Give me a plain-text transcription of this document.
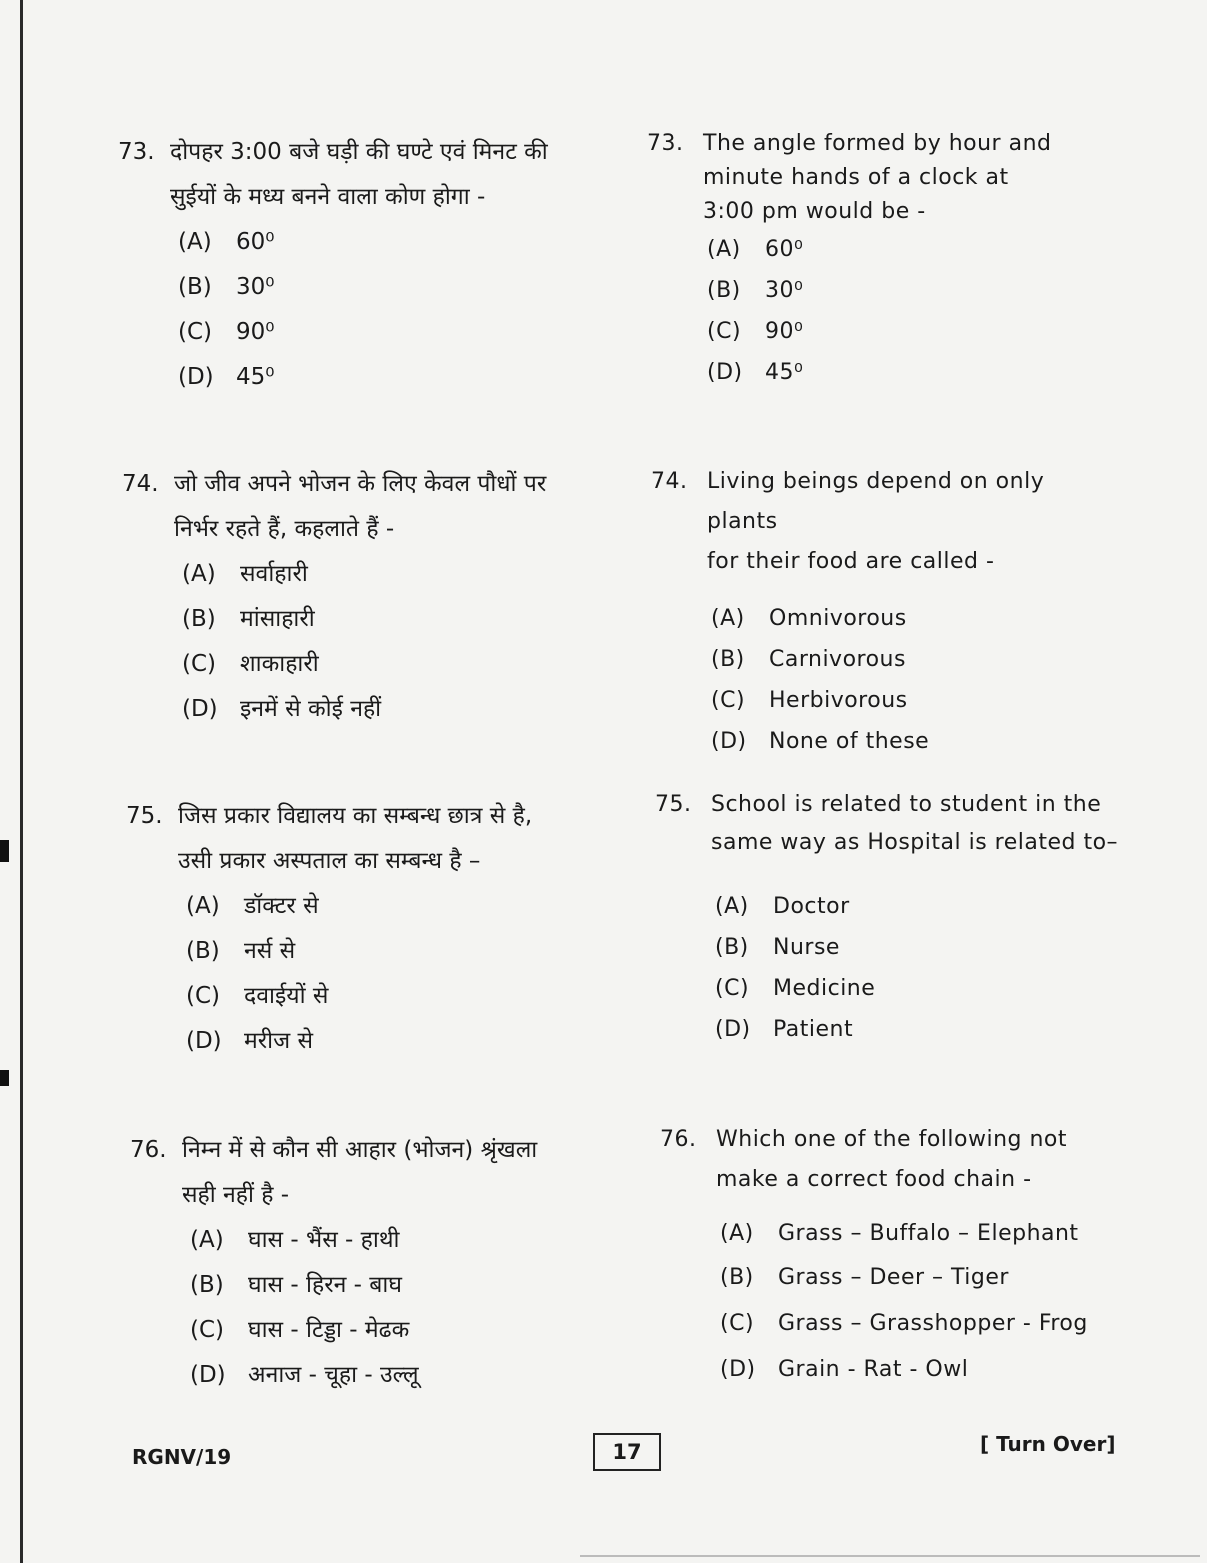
73. दोपहर 3:00 बजे घड़ी की घण्टे एवं मिनट की
सुईयों के मध्य बनने वाला कोण होगा -
(A) 60⁰
(B) 30⁰
(C) 90⁰
(D) 45⁰
74. जो जीव अपने भोजन के लिए केवल पौधों पर
निर्भर रहते हैं, कहलाते हैं -
(A) सर्वाहारी
(B) मांसाहारी
(C) शाकाहारी
(D) इनमें से कोई नहीं
75. जिस प्रकार विद्यालय का सम्बन्ध छात्र से है,
उसी प्रकार अस्पताल का सम्बन्ध है –
(A) डॉक्टर से
(B) नर्स से
(C) दवाईयों से
(D) मरीज से
76. निम्न में से कौन सी आहार (भोजन) श्रृंखला
सही नहीं है -
(A) घास - भैंस - हाथी
(B) घास - हिरन - बाघ
(C) घास - टिड्डा - मेढक
(D) अनाज - चूहा - उल्लू
73. The angle formed by hour and
minute hands of a clock at
3:00 pm would be -
(A) 60⁰
(B) 30⁰
(C) 90⁰
(D) 45⁰
74. Living beings depend on only plants
for their food are called -
(A) Omnivorous
(B) Carnivorous
(C) Herbivorous
(D) None of these
75. School is related to student in the
same way as Hospital is related to–
(A) Doctor
(B) Nurse
(C) Medicine
(D) Patient
76. Which one of the following not
make a correct food chain -
(A) Grass – Buffalo – Elephant
(B) Grass – Deer – Tiger
(C) Grass – Grasshopper - Frog
(D) Grain - Rat - Owl
RGNV/19	17	[ Turn Over]
